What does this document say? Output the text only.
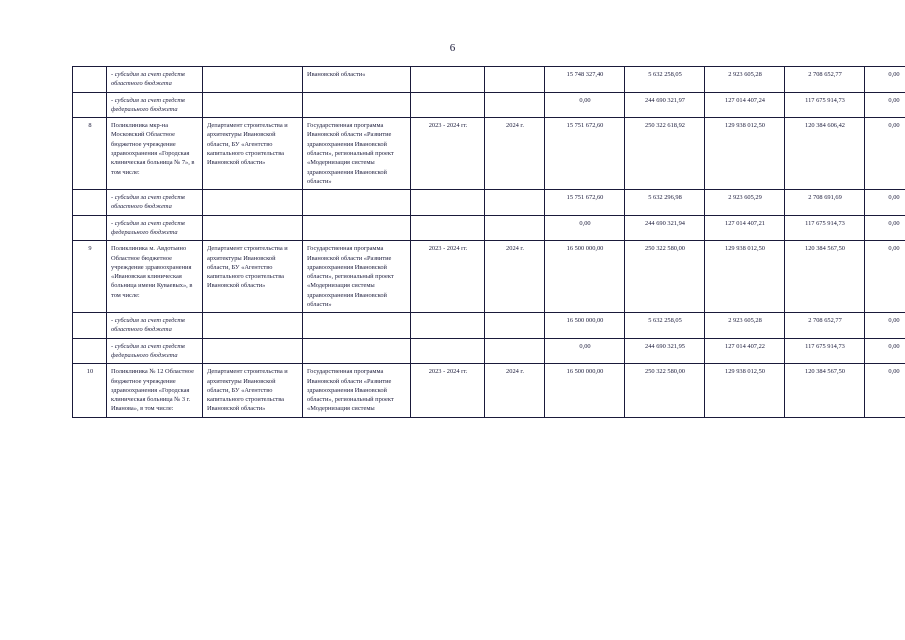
6
	- субсидия за счет средств областного бюджета		Ивановской области«			15 748 327,40	5 632 258,05	2 923 605,28	2 708 652,77	0,00
	- субсидия за счет средств федерального бюджета					0,00	244 690 321,97	127 014 407,24	117 675 914,73	0,00
8	Поликлиника мкр-на Московский Областное бюджетное учреждение здравоохранения «Городская клиническая больница № 7», в том числе:	Департамент строительства и архитектуры Ивановской области, БУ «Агентство капитального строительства Ивановской области»	Государственная программа Ивановской области «Развитие здравоохранения Ивановской области», региональный проект «Модернизация системы здравоохранения Ивановской области»	2023 - 2024 гг.	2024 г.	15 751 672,60	250 322 618,92	129 938 012,50	120 384 606,42	0,00
	- субсидия за счет средств областного бюджета					15 751 672,60	5 632 296,98	2 923 605,29	2 708 691,69	0,00
	- субсидия за счет средств федерального бюджета					0,00	244 690 321,94	127 014 407,21	117 675 914,73	0,00
9	Поликлиника м. Авдотьино Областное бюджетное учреждение здравоохранения «Ивановская клиническая больница имени Куваевых», в том числе:	Департамент строительства и архитектуры Ивановской области, БУ «Агентство капитального строительства Ивановской области»	Государственная программа Ивановской области «Развитие здравоохранения Ивановской области», региональный проект «Модернизация системы здравоохранения Ивановской области»	2023 - 2024 гг.	2024 г.	16 500 000,00	250 322 580,00	129 938 012,50	120 384 567,50	0,00
	- субсидия за счет средств областного бюджета					16 500 000,00	5 632 258,05	2 923 605,28	2 708 652,77	0,00
	- субсидия за счет средств федерального бюджета					0,00	244 690 321,95	127 014 407,22	117 675 914,73	0,00
10	Поликлиника № 12 Областное бюджетное учреждение здравоохранения «Городская клиническая больница № 3 г. Иванова», в том числе:	Департамент строительства и архитектуры Ивановской области, БУ «Агентство капитального строительства Ивановской области»	Государственная программа Ивановской области «Развитие здравоохранения Ивановской области», региональный проект «Модернизация системы	2023 - 2024 гг.	2024 г.	16 500 000,00	250 322 580,00	129 938 012,50	120 384 567,50	0,00
